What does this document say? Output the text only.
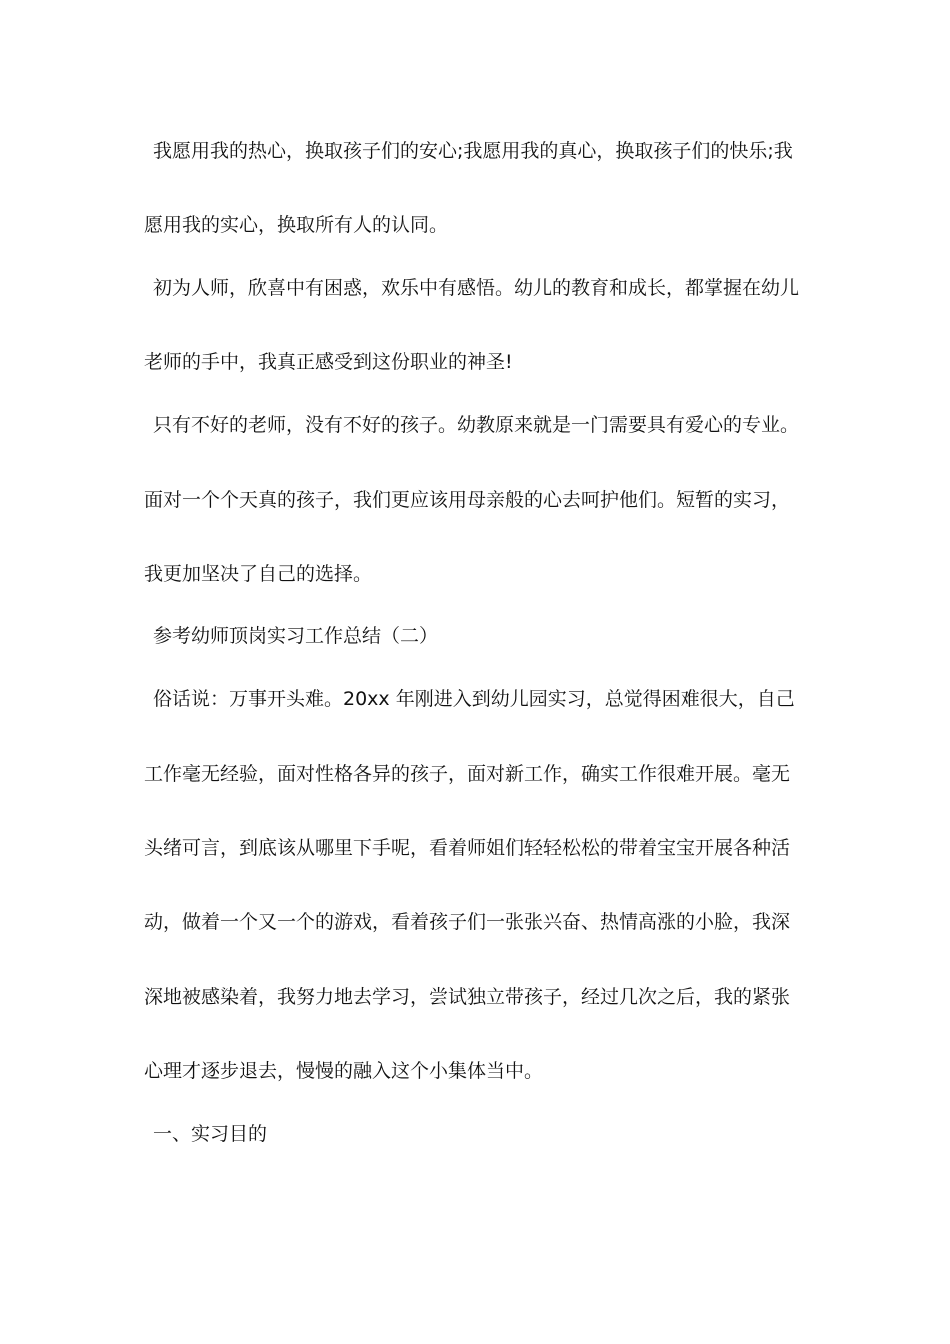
我愿用我的热心，换取孩子们的安心;我愿用我的真心，换取孩子们的快乐;我
愿用我的实心，换取所有人的认同。
初为人师，欣喜中有困惑，欢乐中有感悟。幼儿的教育和成长，都掌握在幼儿
老师的手中，我真正感受到这份职业的神圣!
只有不好的老师，没有不好的孩子。幼教原来就是一门需要具有爱心的专业。
面对一个个天真的孩子，我们更应该用母亲般的心去呵护他们。短暂的实习，
我更加坚决了自己的选择。
参考幼师顶岗实习工作总结（二）
俗话说：万事开头难。20xx 年刚进入到幼儿园实习，总觉得困难很大，自己
工作毫无经验，面对性格各异的孩子，面对新工作，确实工作很难开展。毫无
头绪可言，到底该从哪里下手呢，看着师姐们轻轻松松的带着宝宝开展各种活
动，做着一个又一个的游戏，看着孩子们一张张兴奋、热情高涨的小脸，我深
深地被感染着，我努力地去学习，尝试独立带孩子，经过几次之后，我的紧张
心理才逐步退去，慢慢的融入这个小集体当中。
一、实习目的
